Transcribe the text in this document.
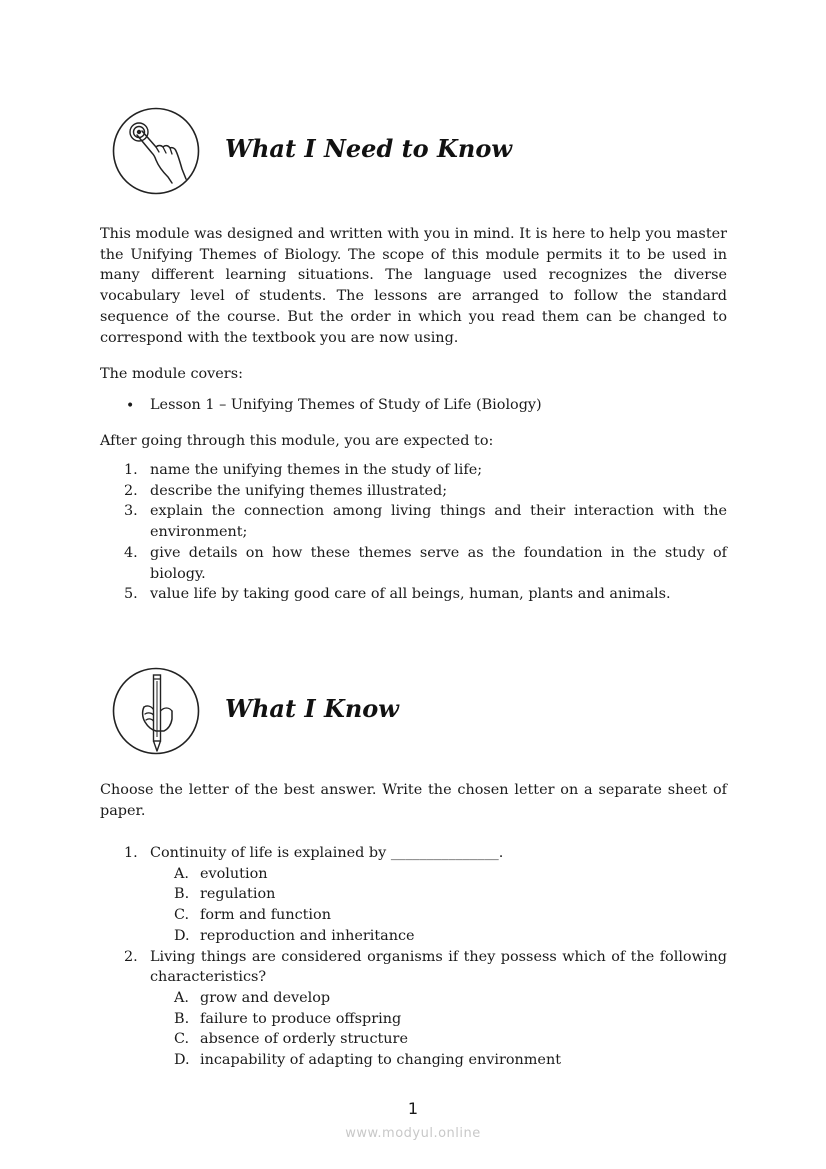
What I Need to Know

This module was designed and written with you in mind. It is here to help you master the Unifying Themes of Biology. The scope of this module permits it to be used in many different learning situations. The language used recognizes the diverse vocabulary level of students. The lessons are arranged to follow the standard sequence of the course. But the order in which you read them can be changed to correspond with the textbook you are now using.

The module covers:
• Lesson 1 – Unifying Themes of Study of Life (Biology)
After going through this module, you are expected to:
1. name the unifying themes in the study of life;
2. describe the unifying themes illustrated;
3. explain the connection among living things and their interaction with the environment;
4. give details on how these themes serve as the foundation in the study of biology.
5. value life by taking good care of all beings, human, plants and animals.
What I Know

Choose the letter of the best answer. Write the chosen letter on a separate sheet of paper.

1. Continuity of life is explained by _______________.
A. evolution
B. regulation
C. form and function
D. reproduction and inheritance
2. Living things are considered organisms if they possess which of the following characteristics?
A. grow and develop
B. failure to produce offspring
C. absence of orderly structure
D. incapability of adapting to changing environment
1
www.modyul.online
